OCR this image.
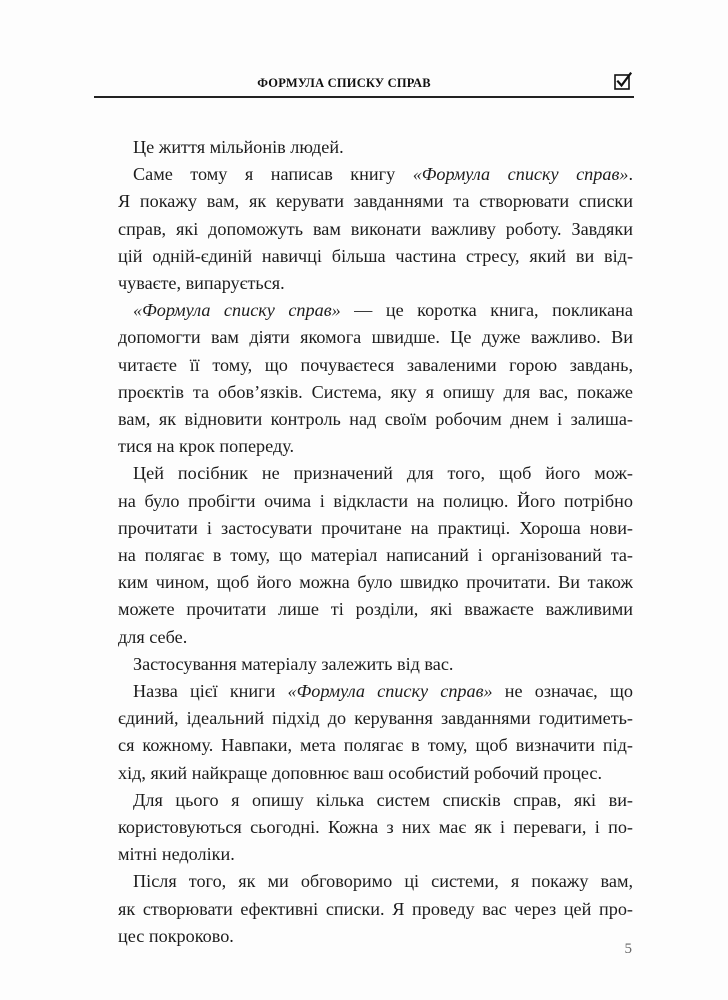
ФОРМУЛА СПИСКУ СПРАВ

Це життя мільйонів людей.

Саме тому я написав книгу «Формула списку справ».
Я покажу вам, як керувати завданнями та створювати списки
справ, які допоможуть вам виконати важливу роботу. Завдяки
цій одній-єдиній навичці більша частина стресу, який ви від-
чуваєте, випарується.

«Формула списку справ» — це коротка книга, покликана
допомогти вам діяти якомога швидше. Це дуже важливо. Ви
читаєте її тому, що почуваєтеся заваленими горою завдань,
проєктів та обов’язків. Система, яку я опишу для вас, покаже
вам, як відновити контроль над своїм робочим днем і залиша-
тися на крок попереду.

Цей посібник не призначений для того, щоб його мож-
на було пробігти очима і відкласти на полицю. Його потрібно
прочитати і застосувати прочитане на практиці. Хороша нови-
на полягає в тому, що матеріал написаний і організований та-
ким чином, щоб його можна було швидко прочитати. Ви також
можете прочитати лише ті розділи, які вважаєте важливими
для себе.

Застосування матеріалу залежить від вас.

Назва цієї книги «Формула списку справ» не означає, що
єдиний, ідеальний підхід до керування завданнями годитиметь-
ся кожному. Навпаки, мета полягає в тому, щоб визначити під-
хід, який найкраще доповнює ваш особистий робочий процес.

Для цього я опишу кілька систем списків справ, які ви-
користовуються сьогодні. Кожна з них має як і переваги, і по-
мітні недоліки.

Після того, як ми обговоримо ці системи, я покажу вам,
як створювати ефективні списки. Я проведу вас через цей про-
цес покроково.

5
